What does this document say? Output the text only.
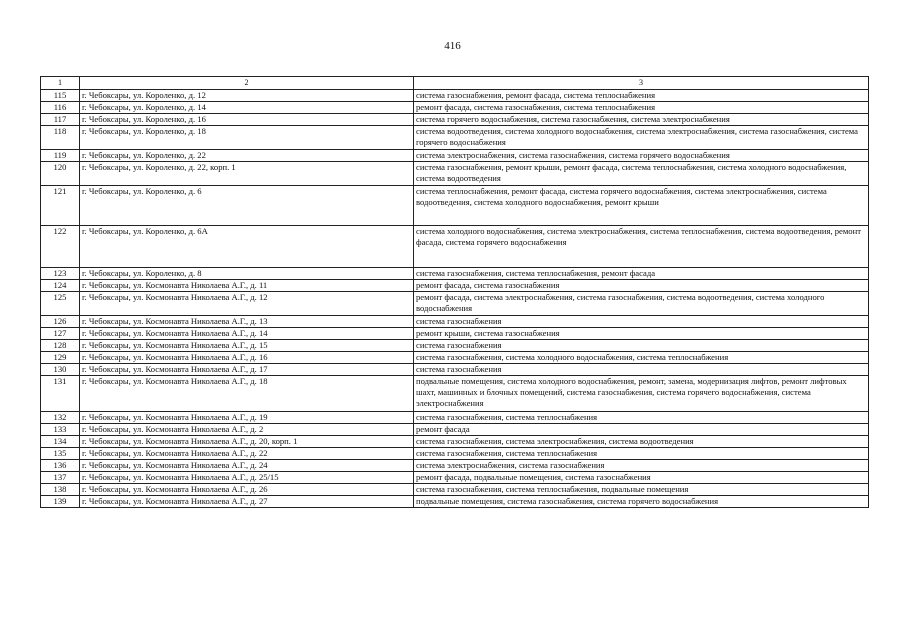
416
1	2	3
115	г. Чебоксары, ул. Короленко, д. 12	система газоснабжения, ремонт фасада, система теплоснабжения
116	г. Чебоксары, ул. Короленко, д. 14	ремонт фасада, система газоснабжения, система теплоснабжения
117	г. Чебоксары, ул. Короленко, д. 16	система горячего водоснабжения, система газоснабжения, система электроснабжения
118	г. Чебоксары, ул. Короленко, д. 18	система водоотведения, система холодного водоснабжения, система электроснабжения, система газоснабжения, система горячего водоснабжения
119	г. Чебоксары, ул. Короленко, д. 22	система электроснабжения, система газоснабжения, система горячего водоснабжения
120	г. Чебоксары, ул. Короленко, д. 22, корп. 1	система газоснабжения, ремонт крыши, ремонт фасада, система теплоснабжения, система холодного водоснабжения, система водоотведения
121	г. Чебоксары, ул. Короленко, д. 6	система теплоснабжения, ремонт фасада, система горячего водоснабжения, система электроснабжения, система водоотведения, система холодного водоснабжения, ремонт крыши
122	г. Чебоксары, ул. Короленко, д. 6А	система холодного водоснабжения, система электроснабжения, система теплоснабжения, система водоотведения, ремонт фасада, система горячего водоснабжения
123	г. Чебоксары, ул. Короленко, д. 8	система газоснабжения, система теплоснабжения, ремонт фасада
124	г. Чебоксары, ул. Космонавта Николаева А.Г., д. 11	ремонт фасада, система газоснабжения
125	г. Чебоксары, ул. Космонавта Николаева А.Г., д. 12	ремонт фасада, система электроснабжения, система газоснабжения, система водоотведения, система холодного водоснабжения
126	г. Чебоксары, ул. Космонавта Николаева А.Г., д. 13	система газоснабжения
127	г. Чебоксары, ул. Космонавта Николаева А.Г., д. 14	ремонт крыши, система газоснабжения
128	г. Чебоксары, ул. Космонавта Николаева А.Г., д. 15	система газоснабжения
129	г. Чебоксары, ул. Космонавта Николаева А.Г., д. 16	система газоснабжения, система холодного водоснабжения, система теплоснабжения
130	г. Чебоксары, ул. Космонавта Николаева А.Г., д. 17	система газоснабжения
131	г. Чебоксары, ул. Космонавта Николаева А.Г., д. 18	подвальные помещения, система холодного водоснабжения, ремонт, замена, модернизация лифтов, ремонт лифтовых шахт, машинных и блочных помещений, система газоснабжения, система горячего водоснабжения, система электроснабжения
132	г. Чебоксары, ул. Космонавта Николаева А.Г., д. 19	система газоснабжения, система теплоснабжения
133	г. Чебоксары, ул. Космонавта Николаева А.Г., д. 2	ремонт фасада
134	г. Чебоксары, ул. Космонавта Николаева А.Г., д. 20, корп. 1	система газоснабжения, система электроснабжения, система водоотведения
135	г. Чебоксары, ул. Космонавта Николаева А.Г., д. 22	система газоснабжения, система теплоснабжения
136	г. Чебоксары, ул. Космонавта Николаева А.Г., д. 24	система электроснабжения, система газоснабжения
137	г. Чебоксары, ул. Космонавта Николаева А.Г., д. 25/15	ремонт фасада, подвальные помещения, система газоснабжения
138	г. Чебоксары, ул. Космонавта Николаева А.Г., д. 26	система газоснабжения, система теплоснабжения, подвальные помещения
139	г. Чебоксары, ул. Космонавта Николаева А.Г., д. 27	подвальные помещения, система газоснабжения, система горячего водоснабжения
